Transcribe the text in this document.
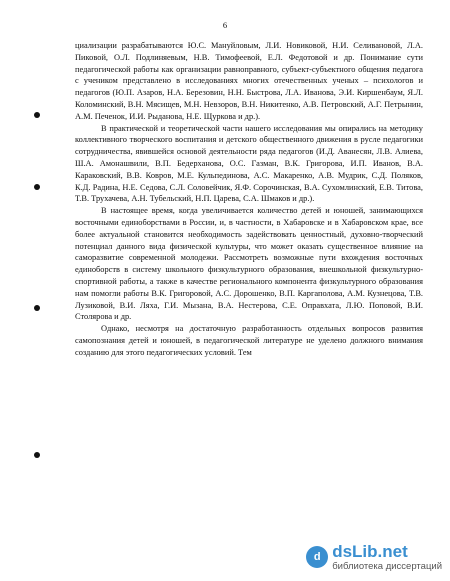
6

циализации разрабатываются Ю.С. Мануйловым, Л.И. Новиковой, Н.И. Селивановой, Л.А. Пиковой, О.Л. Подлиняевым, Н.В. Тимофеевой, Е.Л. Федотовой и др. Понимание сути педагогической работы как организации равноправного, субъект-субъектного общения педагога с учеником представлено в исследованиях многих отечественных ученых – психологов и педагогов (Ю.П. Азаров, Н.А. Березовин, Н.Н. Быстрова, Л.А. Иванова, Э.И. Киршенбаум, Я.Л. Коломинский, В.Н. Мясищев, М.Н. Невзоров, В.Н. Никитенко, А.В. Петровский, А.Г. Петрынин, А.М. Печенок, И.И. Рыданова, Н.Е. Щуркова и др.).

В практической и теоретической части нашего исследования мы опирались на методику коллективного творческого воспитания и детского общественного движения в русле педагогики сотрудничества, явившейся основой деятельности ряда педагогов (И.Д. Аванесян, Л.В. Алиева, Ш.А. Амонашвили, В.П. Бедерханова, О.С. Газман, В.К. Григорова, И.П. Иванов, В.А. Караковский, В.В. Ковров, М.Е. Кульпединова, А.С. Макаренко, А.В. Мудрик, С.Д. Поляков, К.Д. Радина, Н.Е. Седова, С.Л. Соловейчик, Я.Ф. Сорочинская, В.А. Сухомлинский, Е.В. Титова, Т.В. Трухачева, А.Н. Тубельский, Н.П. Царева, С.А. Шмаков и др.).

В настоящее время, когда увеличивается количество детей и юношей, занимающихся восточными единоборствами в России, и, в частности, в Хабаровске и в Хабаровском крае, все более актуальной становится необходимость задействовать ценностный, духовно-творческий потенциал данного вида физической культуры, что может оказать существенное влияние на саморазвитие современной молодежи. Рассмотреть возможные пути вхождения восточных единоборств в систему школьного физкультурного образования, внешкольной физкультурно-спортивной работы, а также в качестве регионального компонента физкультурного образования нам помогли работы В.К. Григоровой, А.С. Дорошенко, В.П. Каргаполова, А.М. Кузнецова, Т.В. Лузиковой, В.И. Ляха, Г.И. Мызана, В.А. Нестерова, С.Е. Оправхата, Л.Ю. Поповой, В.И. Столярова и др.

Однако, несмотря на достаточную разработанность отдельных вопросов развития самопознания детей и юношей, в педагогической литературе не уделено должного внимания созданию для этого педагогических условий. Тем

d dsLib.net
библиотека диссертаций
